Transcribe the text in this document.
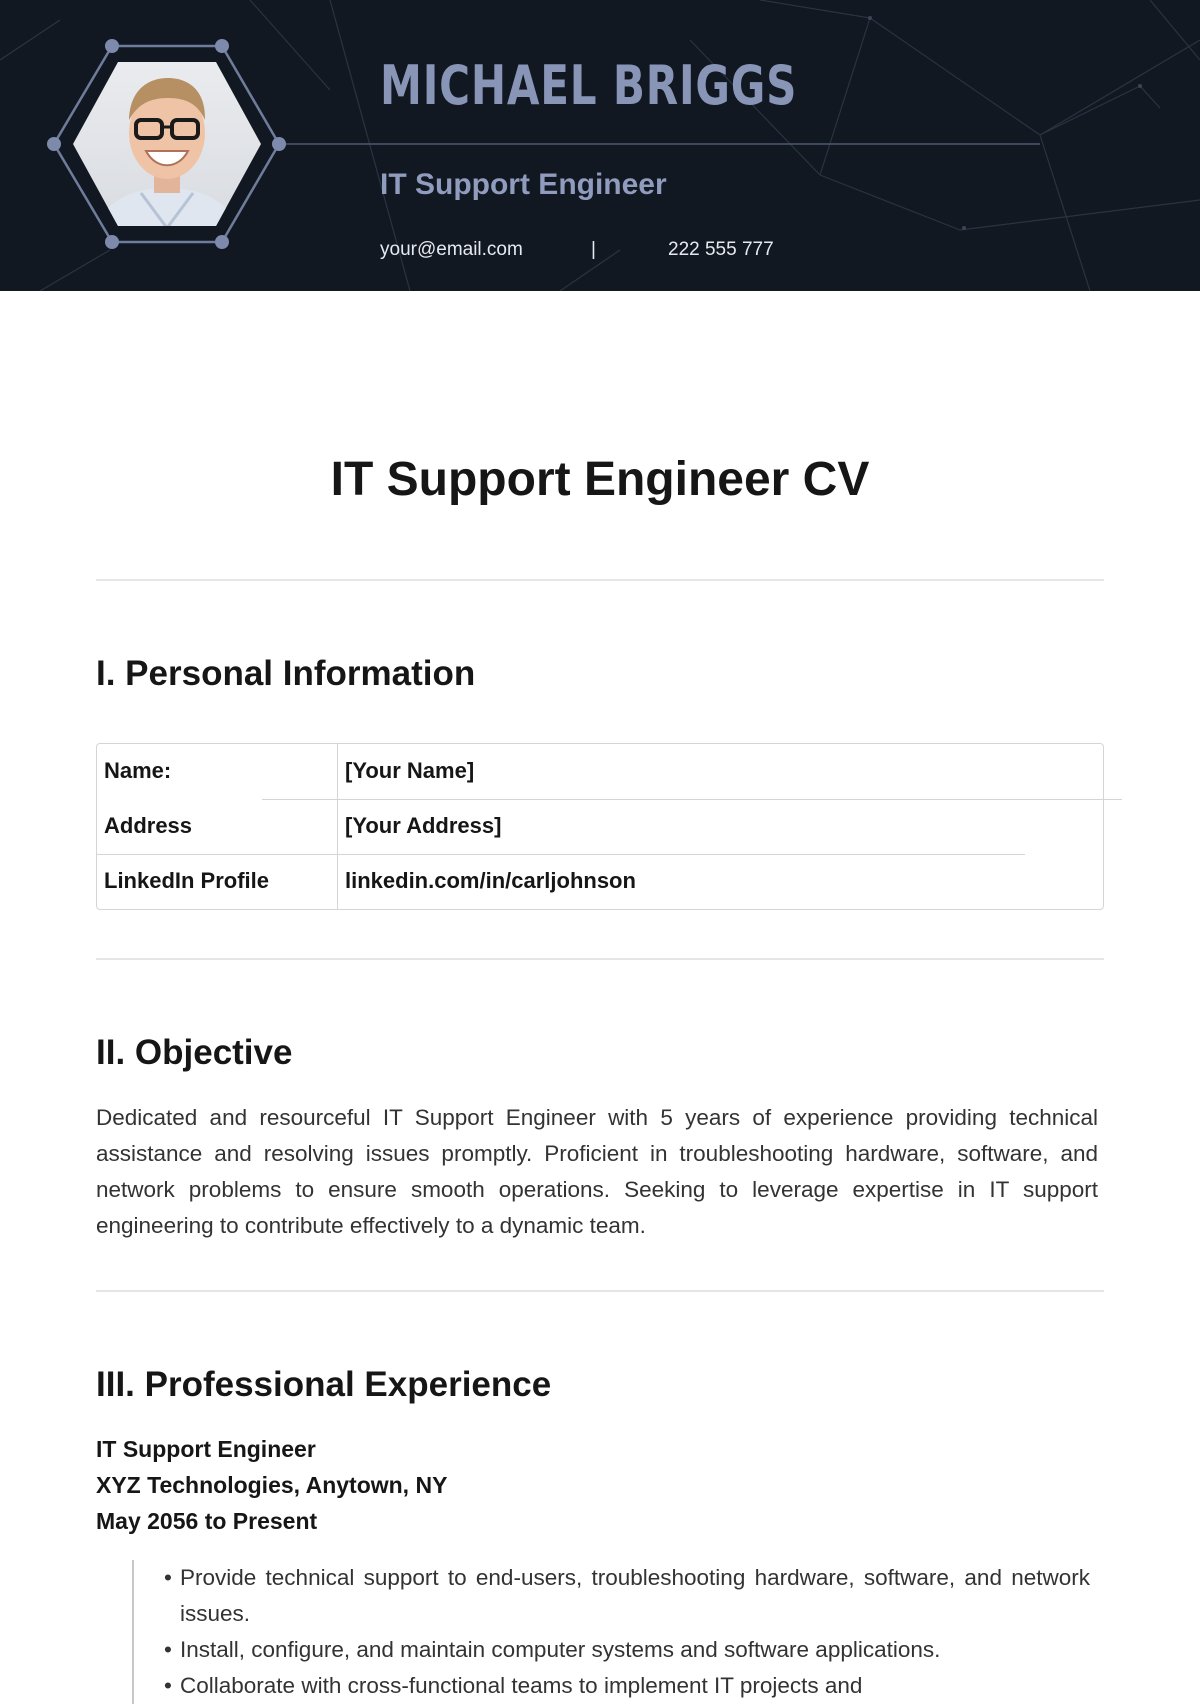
MICHAEL BRIGGS

IT Support Engineer

your@email.com	|	222 555 777

IT Support Engineer CV
I. Personal Information
Name:	[Your Name]
Address	[Your Address]
LinkedIn Profile	linkedin.com/in/carljohnson
II. Objective

Dedicated and resourceful IT Support Engineer with 5 years of experience providing technical assistance and resolving issues promptly. Proficient in troubleshooting hardware, software, and network problems to ensure smooth operations. Seeking to leverage expertise in IT support engineering to contribute effectively to a dynamic team.

III. Professional Experience

IT Support Engineer

XYZ Technologies, Anytown, NY

May 2056 to Present

• Provide technical support to end-users, troubleshooting hardware, software, and network issues.
• Install, configure, and maintain computer systems and software applications.
• Collaborate with cross-functional teams to implement IT projects and
